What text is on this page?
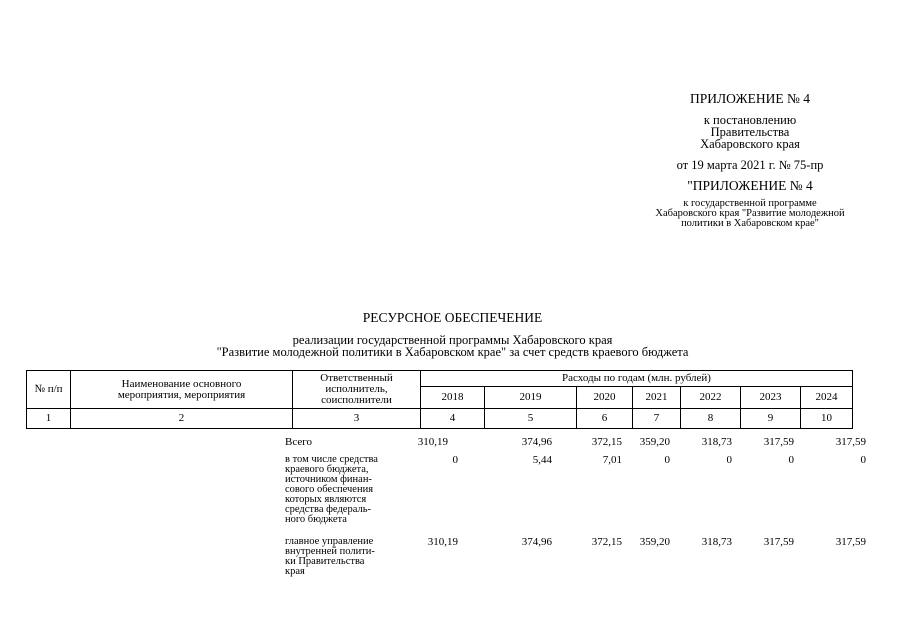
ПРИЛОЖЕНИЕ № 4
к постановлению
Правительства
Хабаровского края
от 19 марта 2021 г. № 75-пр
"ПРИЛОЖЕНИЕ № 4
к государственной программе
Хабаровского края "Развитие молодежной
политики в Хабаровском крае"
РЕСУРСНОЕ ОБЕСПЕЧЕНИЕ
реализации государственной программы Хабаровского края
"Развитие молодежной политики в Хабаровском крае" за счет средств краевого бюджета
№ п/п	Наименование основного мероприятия, мероприятия	Ответственный исполнитель, соисполнители	Расходы по годам (млн. рублей)						
			2018	2019	2020	2021	2022	2023	2024
1	2	3	4	5	6	7	8	9	10
Всего	310,19	374,96	372,15	359,20	318,73	317,59	317,59
в том числе средства
краевого бюджета,
источником финан-
сового обеспечения
которых являются
средства федераль-
ного бюджета
0	5,44	7,01	0	0	0	0
главное управление
внутренней полити-
ки Правительства
края
310,19	374,96	372,15	359,20	318,73	317,59	317,59
